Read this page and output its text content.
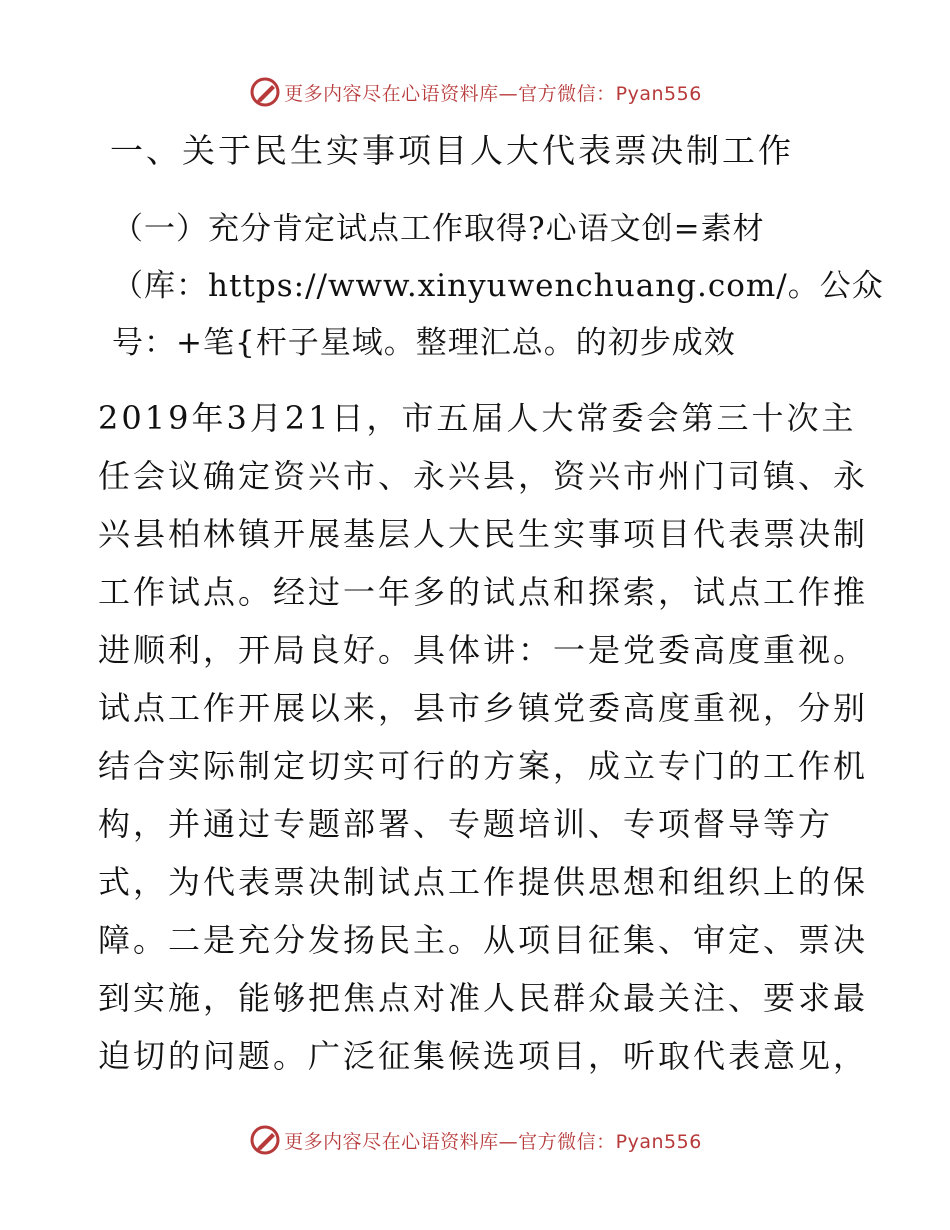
更多内容尽在心语资料库—官方微信：Pyan556
一、关于民生实事项目人大代表票决制工作
（一）充分肯定试点工作取得?心语文创=素材
（库：https://www.xinyuwenchuang.com/。公众
号：+笔{杆子星域。整理汇总。的初步成效
2019年3月21日，市五届人大常委会第三十次主
任会议确定资兴市、永兴县，资兴市州门司镇、永
兴县柏林镇开展基层人大民生实事项目代表票决制
工作试点。经过一年多的试点和探索，试点工作推
进顺利，开局良好。具体讲：一是党委高度重视。
试点工作开展以来，县市乡镇党委高度重视，分别
结合实际制定切实可行的方案，成立专门的工作机
构，并通过专题部署、专题培训、专项督导等方
式，为代表票决制试点工作提供思想和组织上的保
障。二是充分发扬民主。从项目征集、审定、票决
到实施，能够把焦点对准人民群众最关注、要求最
迫切的问题。广泛征集候选项目，听取代表意见，
更多内容尽在心语资料库—官方微信：Pyan556
